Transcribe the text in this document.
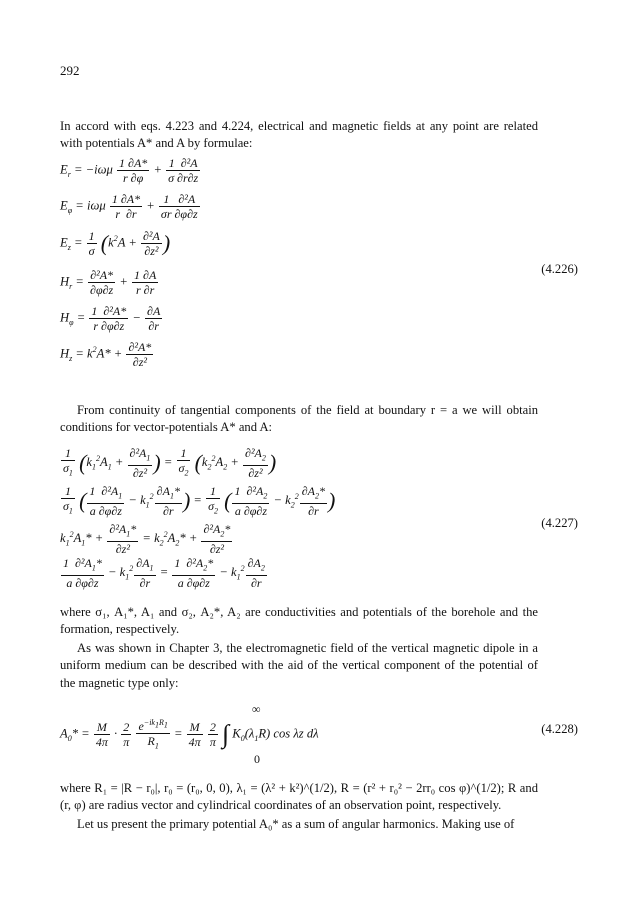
292

In accord with eqs. 4.223 and 4.224, electrical and magnetic fields at any point are related with potentials A* and A by formulae:

$E_r = -i\omega\mu \frac{1 \partial A*}{r \partial\varphi} + \frac{\text{1  ∂²A}}{\sigma \partial r\partial z}$
$E_\varphi = i\omega\mu \frac{1 \partial A*}{r \partial r} + \frac{\text{1   ∂²A}}{\sigma r \partial\varphi\partial z}$
$E_z = \frac{1}{\sigma} (k^2A + \frac{\text{∂²A}}{\text{∂z²}}$ )
$H_r = \frac{\text{∂²A*}}{\partial\varphi\partial z} + \frac{1 \partial A}{r \partial r}$
$H_\varphi = \frac{\text{1  ∂²A*}}{r \partial\varphi\partial z} - \frac{\partial A}{\partial r}$
$H_z = k^2A* + \frac{\text{∂²A*}}{\text{∂z²}}$
(4.226)

From continuity of tangential components of the field at boundary r = a we will obtain conditions for vector-potentials A* and A:

$\frac{1}{\sigma_1} (k_1^2A_1 + \frac{\partial^2A_1}{\text{∂z²}}$ ) = $\frac{1}{\sigma_2} (k_2^2A_2 + \frac{\partial^2A_2}{\text{∂z²}}$ )
$\frac{1}{\sigma_1}$ ( $\frac{1 \partial^2A_1}{a \partial\varphi\partial z} - k_1^2 \frac{\partial A_1*}{\partial r}$ ) = $\frac{1}{\sigma_2}$ ( $\frac{1 \partial^2A_2}{a \partial\varphi\partial z} - k_2^2 \frac{\partial A_2*}{\partial r}$ )
$k_1^2A_1* + \frac{\partial^2A_1*}{\text{∂z²}} = k_2^2A_2* + \frac{\partial^2A_2*}{\text{∂z²}}$
$\frac{1 \partial^2A_1*}{a \partial\varphi\partial z} - k_1^2 \frac{\partial A_1}{\partial r} = \frac{1 \partial^2A_2*}{a \partial\varphi\partial z} - k_1^2 \frac{\partial A_2}{\partial r}$
(4.227)

where σ₁, A₁*, A₁ and σ₂, A₂*, A₂ are conductivities and potentials of the borehole and the formation, respectively.

As was shown in Chapter 3, the electromagnetic field of the vertical magnetic dipole in a uniform medium can be described with the aid of the vertical component of the potential of the magnetic type only:

$A_0* = \frac{M}{4\pi} \cdot \frac{2}{\pi}$
$\frac{e^{-ik_1R_1}}{R_1} = \frac{M}{4\pi}$
$\frac{2}{\pi}$ ∫ $K_0(\lambda_1R)$ cos λz dλ
∞
0
(4.228)

where R₁ = |R − r₀|, r₀ = (r₀, 0, 0), λ₁ = (λ² + k²)^(1/2), R = (r² + r₀² − 2rr₀ cos φ)^(1/2); R and (r, φ) are radius vector and cylindrical coordinates of an observation point, respectively.

Let us present the primary potential A₀* as a sum of angular harmonics. Making use of
